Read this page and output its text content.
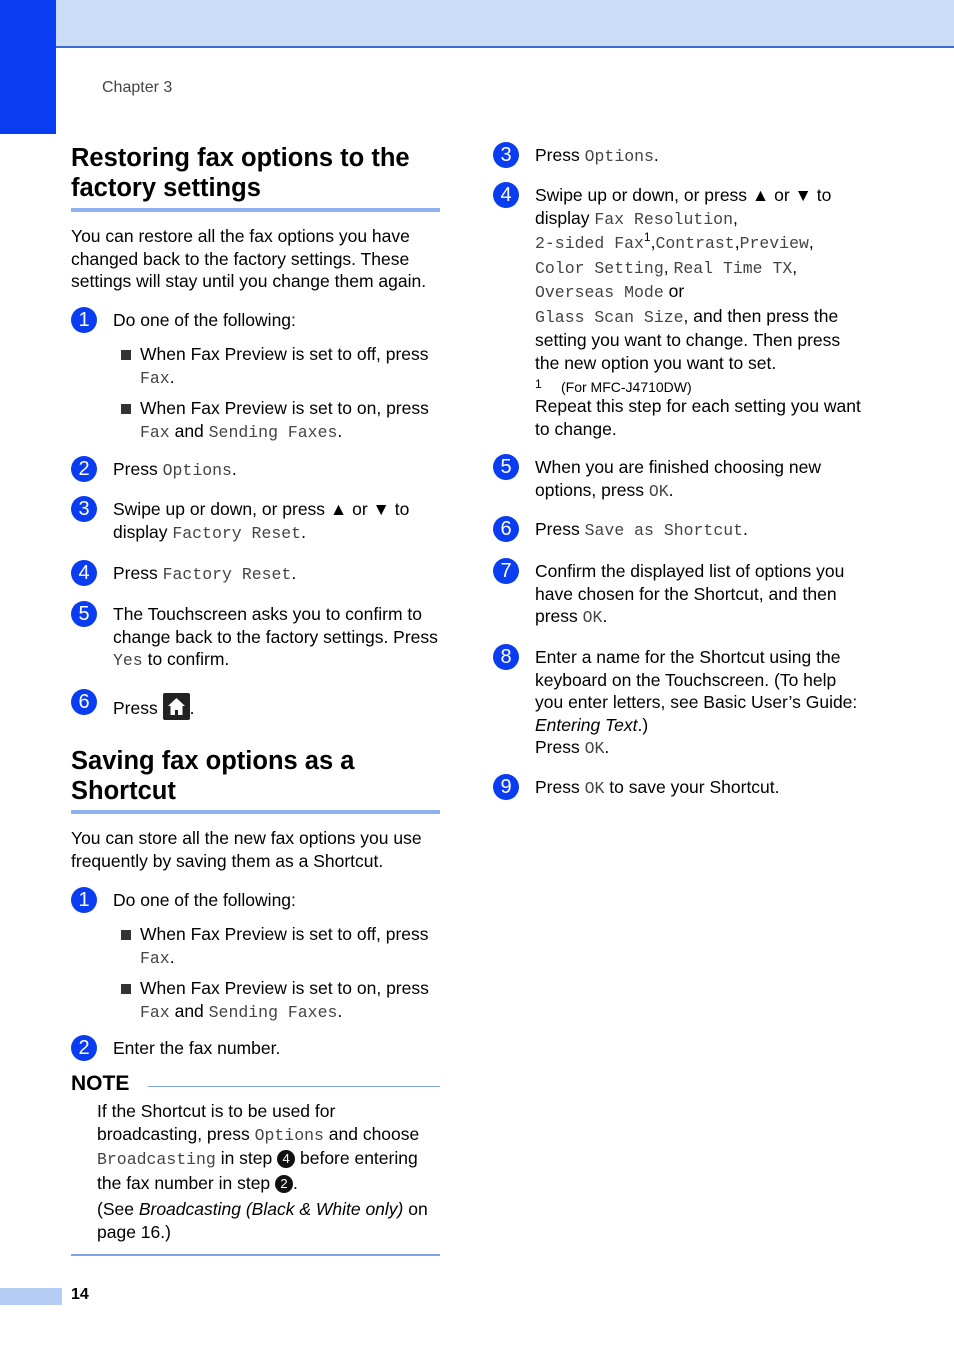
Chapter 3
Restoring fax options to the factory settings
You can restore all the fax options you have changed back to the factory settings. These settings will stay until you change them again.
1	Do one of the following:
When Fax Preview is set to off, press Fax.
When Fax Preview is set to on, press Fax and Sending Faxes.
2	Press Options.
3	Swipe up or down, or press ▲ or ▼ to display Factory Reset.
4	Press Factory Reset.
5	The Touchscreen asks you to confirm to change back to the factory settings. Press Yes to confirm.
6	Press
.
Saving fax options as a Shortcut
You can store all the new fax options you use frequently by saving them as a Shortcut.
1	Do one of the following:
When Fax Preview is set to off, press Fax.
When Fax Preview is set to on, press Fax and Sending Faxes.
2	Enter the fax number.
NOTE
If the Shortcut is to be used for broadcasting, press Options and choose Broadcasting in step 4 before entering the fax number in step 2 .
(See Broadcasting (Black & White only) on page 16.)
3	Press Options.
4	Swipe up or down, or press ▲ or ▼ to
display Fax Resolution,
2-sided Fax$^1$,Contrast,Preview,
Color Setting, Real Time TX,
Overseas Mode or
Glass Scan Size, and then press the setting you want to change. Then press the new option you want to set.
1 (For MFC-J4710DW)
Repeat this step for each setting you want to change.
5	When you are finished choosing new options, press OK.
6	Press Save as Shortcut.
7	Confirm the displayed list of options you have chosen for the Shortcut, and then press OK.
8	Enter a name for the Shortcut using the keyboard on the Touchscreen. (To help you enter letters, see Basic User’s Guide: Entering Text.)
Press OK.
9	Press OK to save your Shortcut.
14
